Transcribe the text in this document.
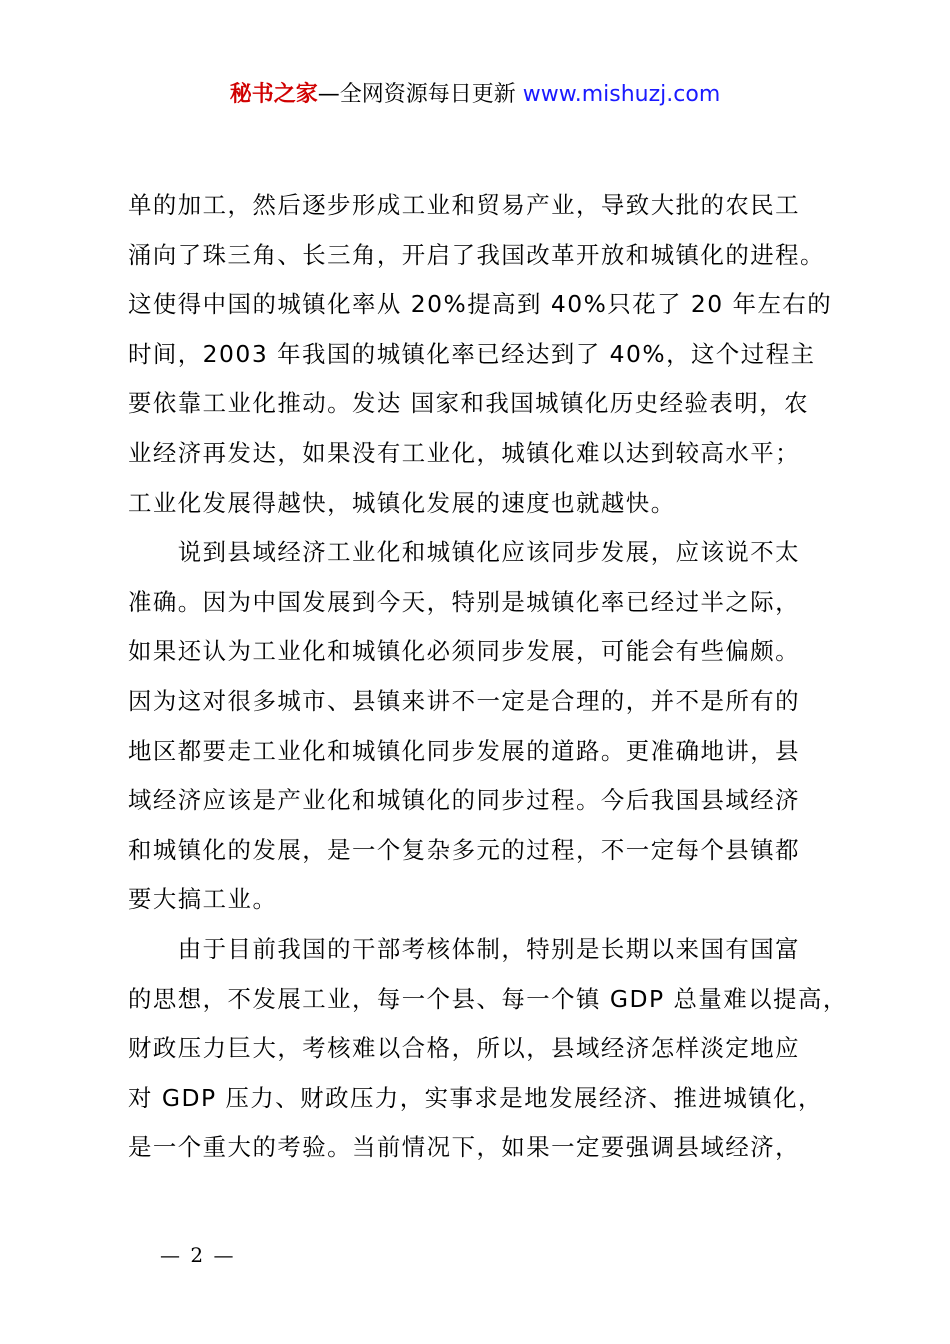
秘书之家—全网资源每日更新 www.mishuzj.com
单的加工，然后逐步形成工业和贸易产业，导致大批的农民工
涌向了珠三角、长三角，开启了我国改革开放和城镇化的进程。
这使得中国的城镇化率从 20%提高到 40%只花了 20 年左右的
时间，2003 年我国的城镇化率已经达到了 40%，这个过程主
要依靠工业化推动。发达 国家和我国城镇化历史经验表明，农
业经济再发达，如果没有工业化，城镇化难以达到较高水平；
工业化发展得越快，城镇化发展的速度也就越快。
　　说到县域经济工业化和城镇化应该同步发展，应该说不太
准确。因为中国发展到今天，特别是城镇化率已经过半之际，
如果还认为工业化和城镇化必须同步发展，可能会有些偏颇。
因为这对很多城市、县镇来讲不一定是合理的，并不是所有的
地区都要走工业化和城镇化同步发展的道路。更准确地讲，县
域经济应该是产业化和城镇化的同步过程。今后我国县域经济
和城镇化的发展，是一个复杂多元的过程，不一定每个县镇都
要大搞工业。
　　由于目前我国的干部考核体制，特别是长期以来国有国富
的思想，不发展工业，每一个县、每一个镇 GDP 总量难以提高，
财政压力巨大，考核难以合格，所以，县域经济怎样淡定地应
对 GDP 压力、财政压力，实事求是地发展经济、推进城镇化，
是一个重大的考验。当前情况下，如果一定要强调县域经济，
— 2 —
